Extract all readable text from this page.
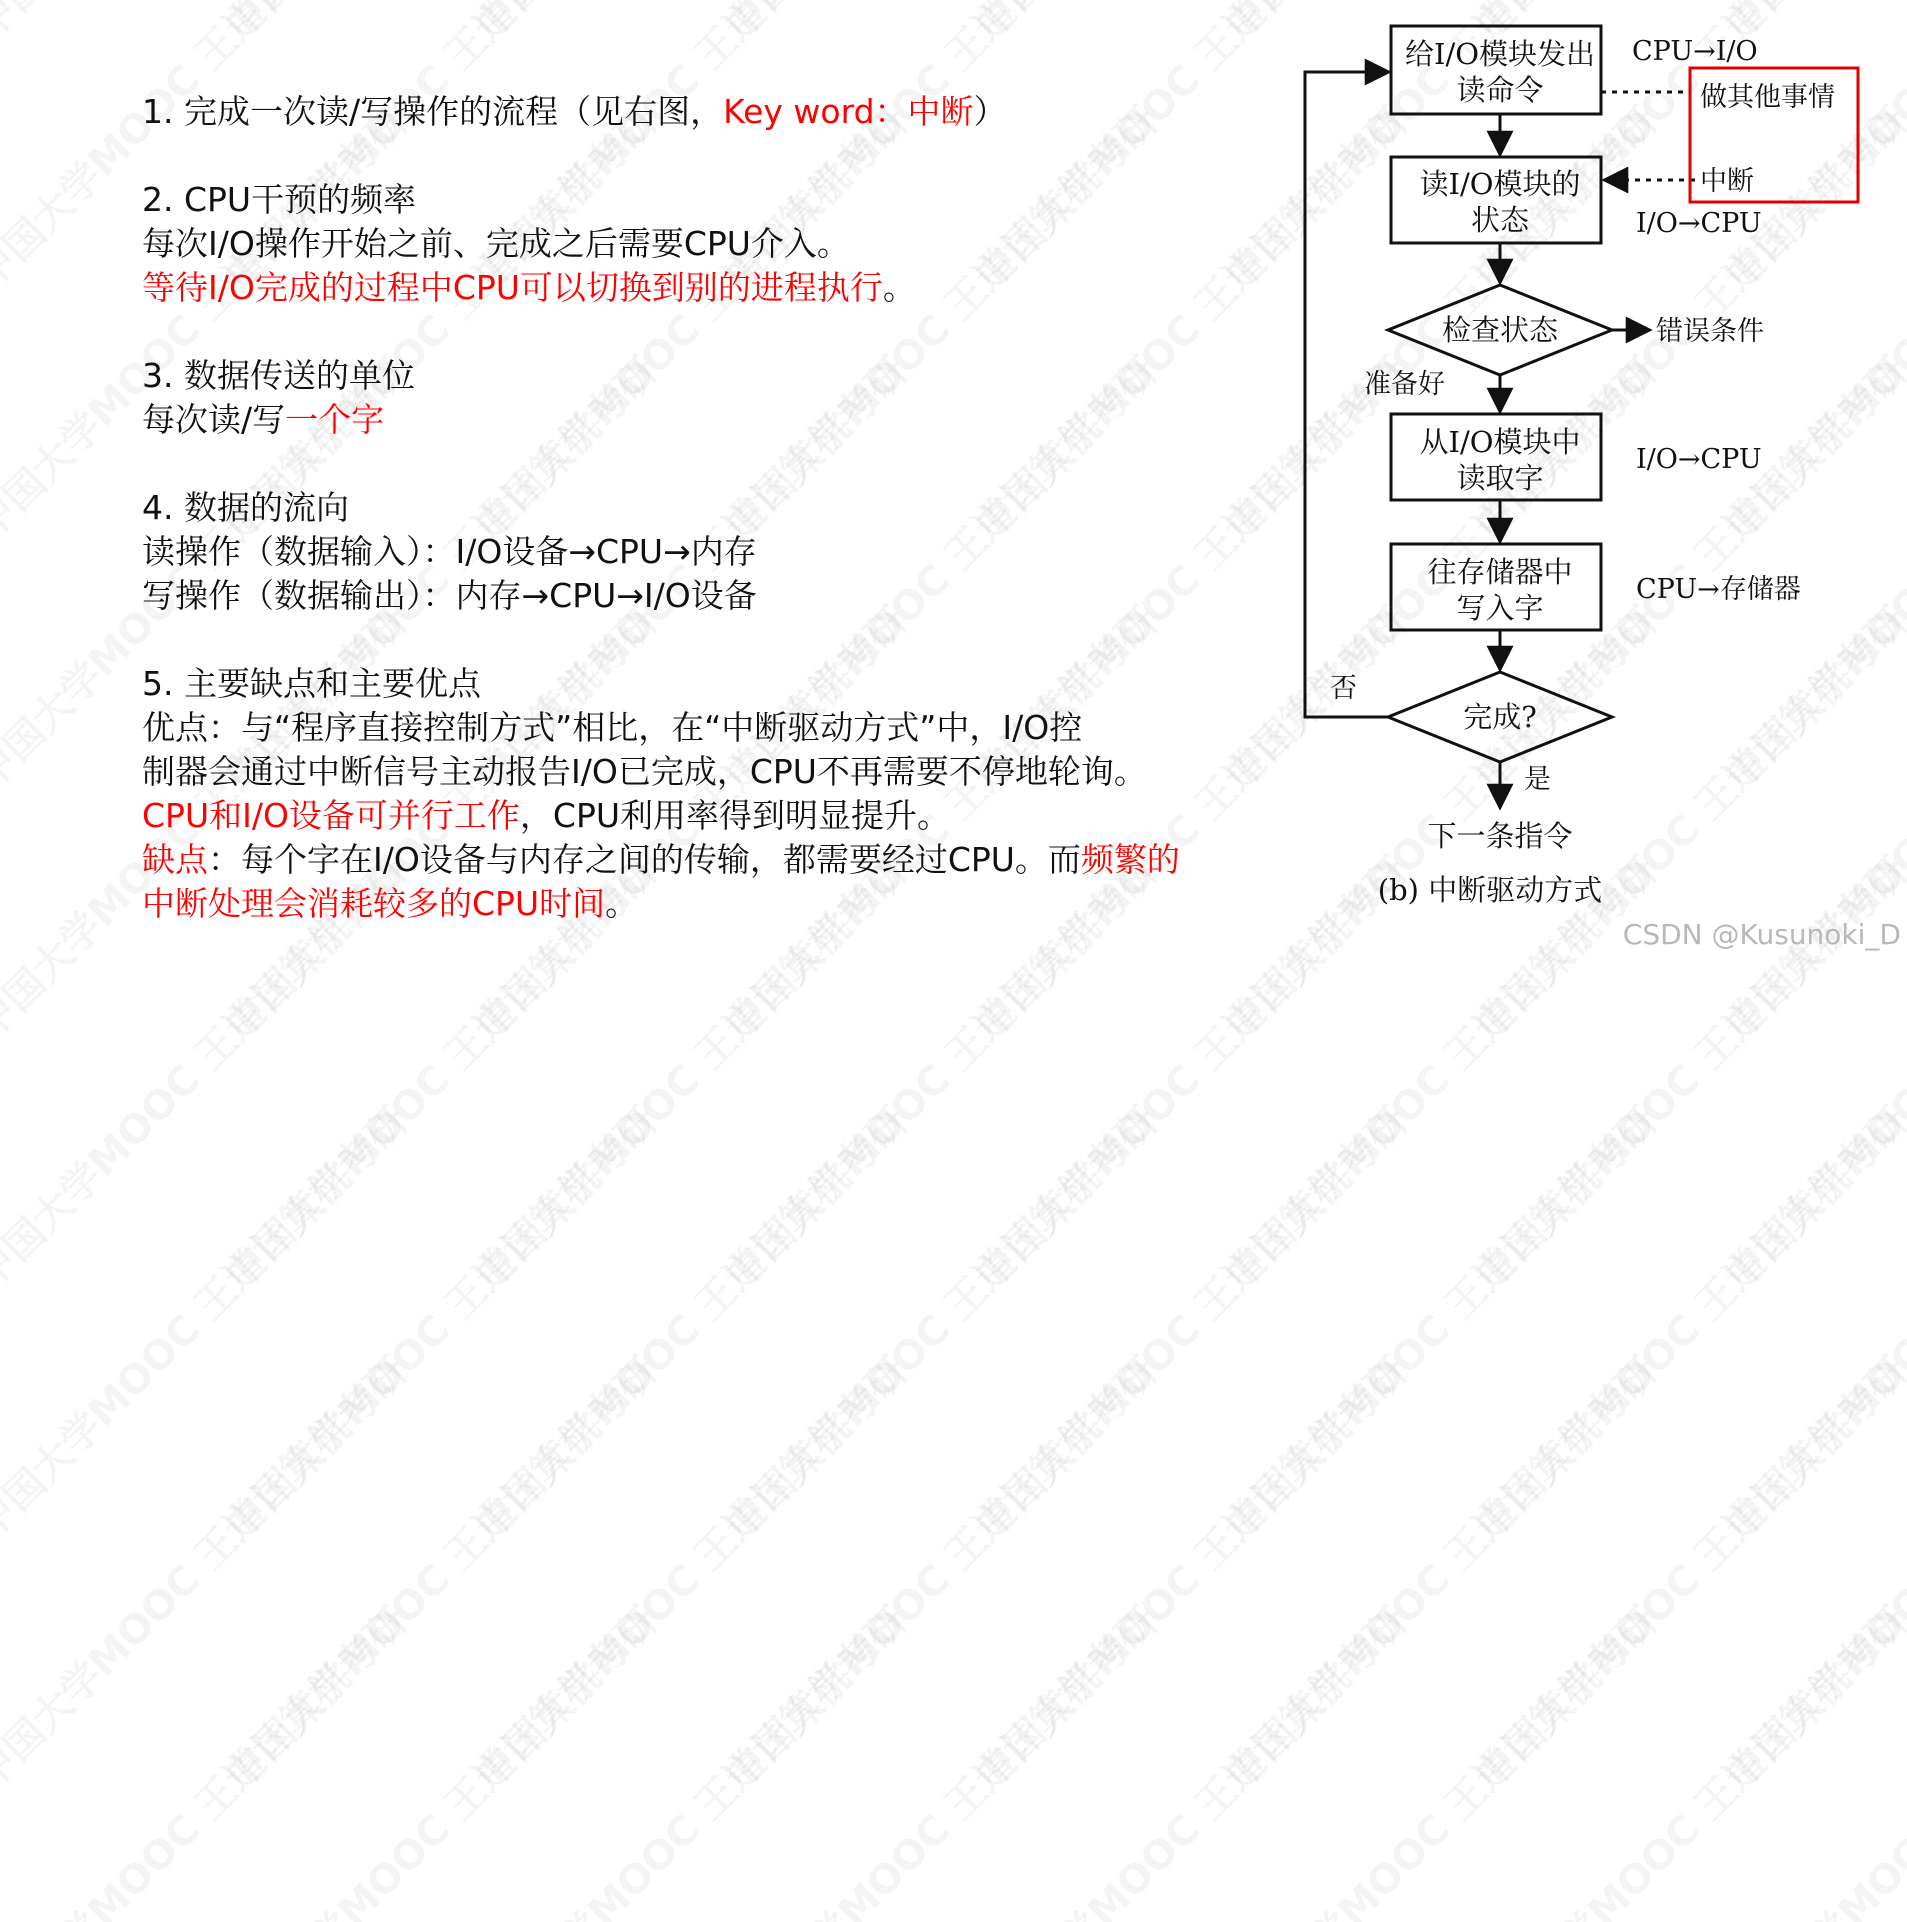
1. 完成一次读/写操作的流程（见右图，Key word：中断）
2. CPU干预的频率
每次I/O操作开始之前、完成之后需要CPU介入。
等待I/O完成的过程中CPU可以切换到别的进程执行。
3. 数据传送的单位
每次读/写一个字
4. 数据的流向
读操作（数据输入）：I/O设备→CPU→内存
写操作（数据输出）：内存→CPU→I/O设备
5. 主要缺点和主要优点
优点：与“程序直接控制方式”相比，在“中断驱动方式”中，I/O控
制器会通过中断信号主动报告I/O已完成，CPU不再需要不停地轮询。
CPU和I/O设备可并行工作，CPU利用率得到明显提升。
缺点：每个字在I/O设备与内存之间的传输，都需要经过CPU。而频繁的
中断处理会消耗较多的CPU时间。
给I/O模块发出
读命令
读I/O模块的
状态
检查状态
从I/O模块中
读取字
往存储器中
写入字
完成?
下一条指令
(b) 中断驱动方式
CPU→I/O
做其他事情
中断
I/O→CPU
错误条件
准备好
I/O→CPU
CPU→存储器
否
是
CSDN @Kusunoki_D
